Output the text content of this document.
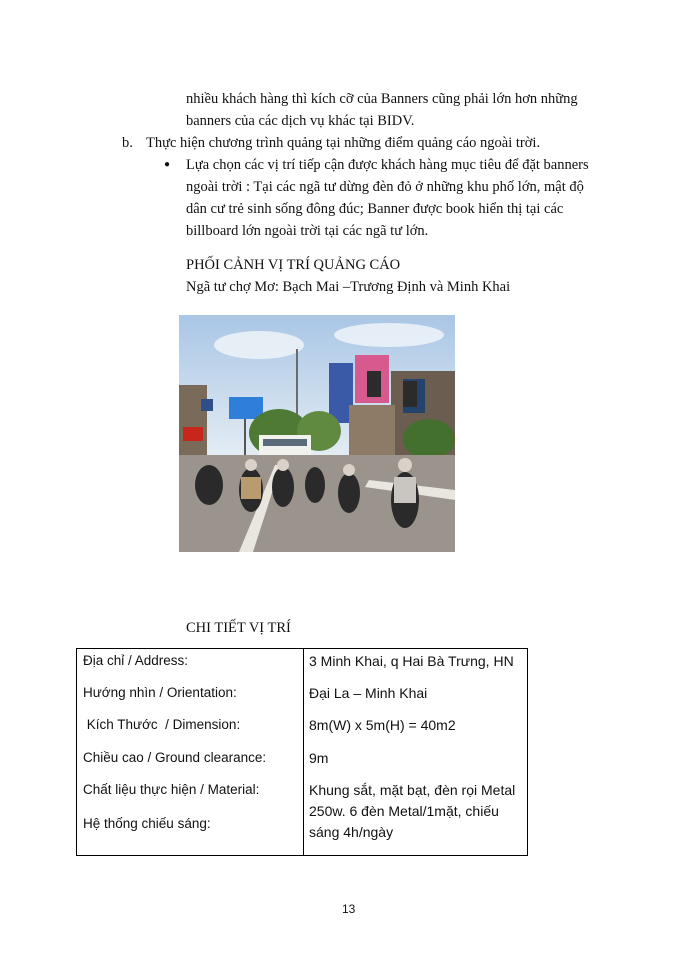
nhiều khách hàng thì kích cỡ của Banners cũng phải lớn hơn những
banners của các dịch vụ khác tại BIDV.
b. Thực hiện chương trình quảng tại những điểm quảng cáo ngoài trời.
● Lựa chọn các vị trí tiếp cận được khách hàng mục tiêu để đặt banners
ngoài trời : Tại các ngã tư dừng đèn đỏ ở những khu phố lớn, mật độ
dân cư trẻ sinh sống đông đúc; Banner được book hiển thị tại các
billboard lớn ngoài trời tại các ngã tư lớn.
PHỐI CẢNH VỊ TRÍ QUẢNG CÁO
Ngã tư chợ Mơ: Bạch Mai –Trương Định và Minh Khai
CHI TIẾT VỊ TRÍ
Địa chỉ / Address:	3 Minh Khai, q Hai Bà Trưng, HN
Hướng nhìn / Orientation:	Đại La – Minh Khai
Kích Thước  / Dimension:	8m(W) x 5m(H) = 40m2
Chiều cao / Ground clearance:	9m
Chất liệu thực hiện / Material:	Khung sắt, mặt bạt, đèn rọi Metal
250w. 6 đèn Metal/1mặt, chiếu
sáng 4h/ngày
Hệ thống chiếu sáng:
13
